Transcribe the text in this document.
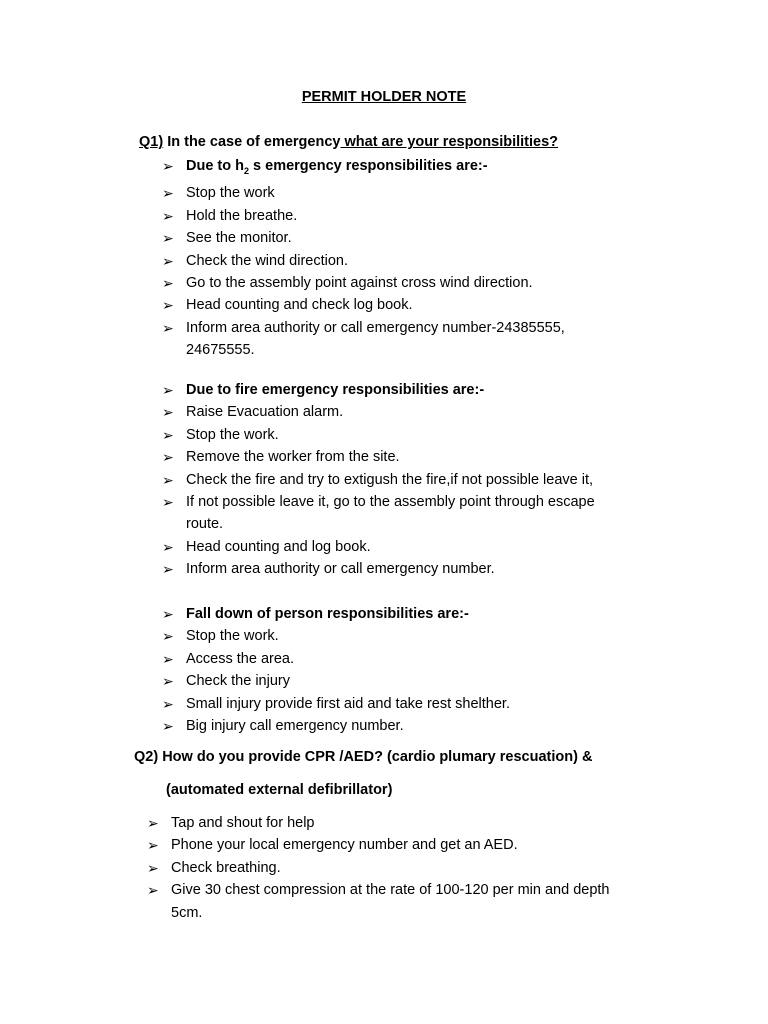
PERMIT HOLDER NOTE
Q1) In the case of emergency what are your responsibilities?
➢ Due to $h_2$ s emergency responsibilities are:-
➢ Stop the work
➢ Hold the breathe.
➢ See the monitor.
➢ Check the wind direction.
➢ Go to the assembly point against cross wind direction.
➢ Head counting and check log book.
➢ Inform area authority or call emergency number-24385555,
24675555.
➢ Due to fire emergency responsibilities are:-
➢ Raise Evacuation alarm.
➢ Stop the work.
➢ Remove the worker from the site.
➢ Check the fire and try to extigush the fire,if not possible leave it,
➢ If not possible leave it, go to the assembly point through escape
route.
➢ Head counting and log book.
➢ Inform area authority or call emergency number.
➢ Fall down of person responsibilities are:-
➢ Stop the work.
➢ Access the area.
➢ Check the injury
➢ Small injury provide first aid and take rest shelther.
➢ Big injury call emergency number.
Q2) How do you provide CPR /AED? (cardio plumary rescuation) &
(automated external defibrillator)
➢ Tap and shout for help
➢ Phone your local emergency number and get an AED.
➢ Check breathing.
➢ Give 30 chest compression at the rate of 100-120 per min and depth
5cm.
